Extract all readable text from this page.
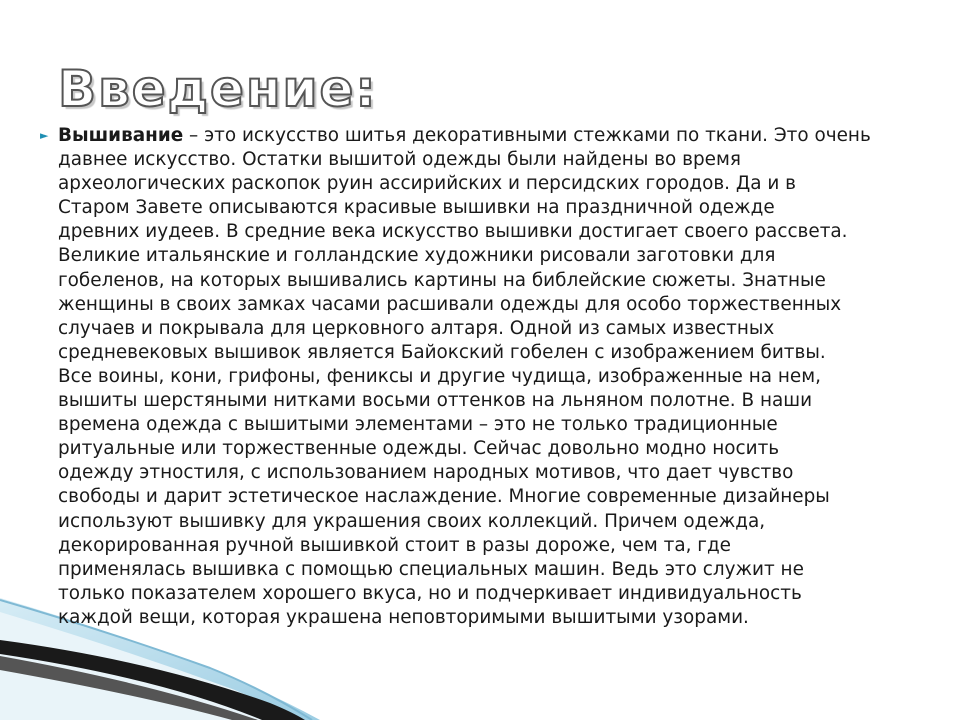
Введение:
► Вышивание – это искусство шитья декоративными стежками по ткани. Это очень
давнее искусство. Остатки вышитой одежды были найдены во время
археологических раскопок руин ассирийских и персидских городов. Да и в
Старом Завете описываются красивые вышивки на праздничной одежде
древних иудеев. В средние века искусство вышивки достигает своего рассвета.
Великие итальянские и голландские художники рисовали заготовки для
гобеленов, на которых вышивались картины на библейские сюжеты. Знатные
женщины в своих замках часами расшивали одежды для особо торжественных
случаев и покрывала для церковного алтаря. Одной из самых известных
средневековых вышивок является Байокский гобелен с изображением битвы.
Все воины, кони, грифоны, фениксы и другие чудища, изображенные на нем,
вышиты шерстяными нитками восьми оттенков на льняном полотне. В наши
времена одежда с вышитыми элементами – это не только традиционные
ритуальные или торжественные одежды. Сейчас довольно модно носить
одежду этностиля, с использованием народных мотивов, что дает чувство
свободы и дарит эстетическое наслаждение. Многие современные дизайнеры
используют вышивку для украшения своих коллекций. Причем одежда,
декорированная ручной вышивкой стоит в разы дороже, чем та, где
применялась вышивка с помощью специальных машин. Ведь это служит не
только показателем хорошего вкуса, но и подчеркивает индивидуальность
каждой вещи, которая украшена неповторимыми вышитыми узорами.
